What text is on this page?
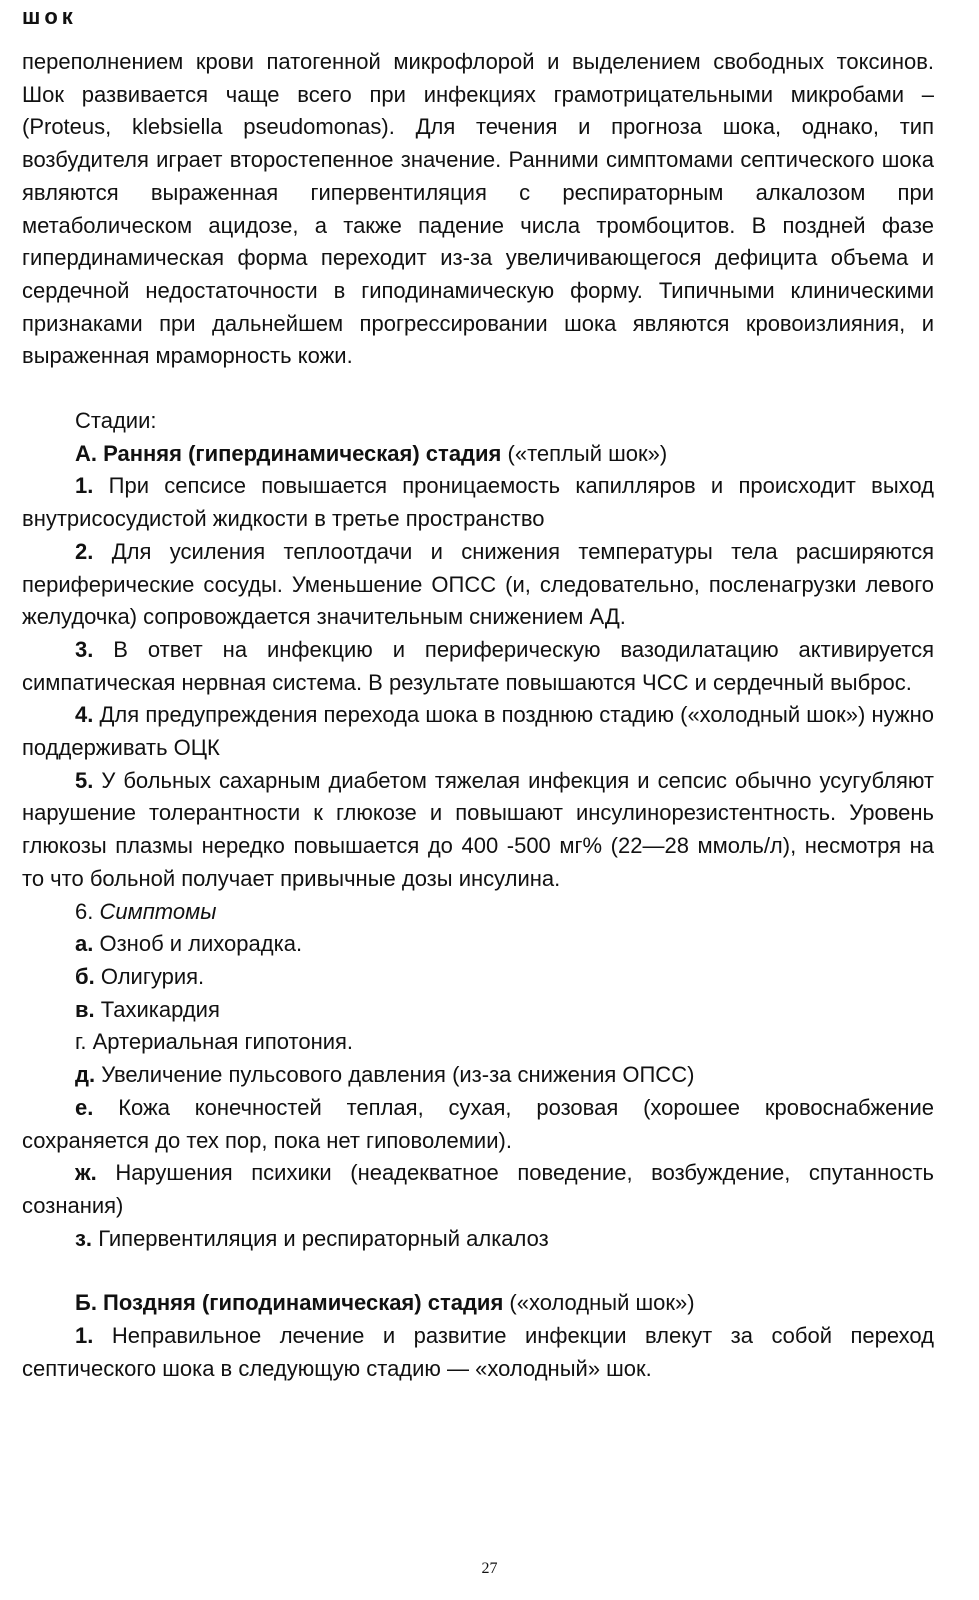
шок

переполнением крови патогенной микрофлорой и выделением свободных токсинов. Шок развивается чаще всего при инфекциях грамотрицательными микробами – (Proteus, klebsiella pseudomonas). Для течения и прогноза шока, однако, тип возбудителя играет второстепенное значение. Ранними симптомами септического шока являются выраженная гипервентиляция с респираторным алкалозом при метаболическом ацидозе, а также падение числа тромбоцитов. В поздней фазе гипердинамическая форма переходит из-за увеличивающегося дефицита объема и сердечной недостаточности в гиподинамическую форму. Типичными клиническими признаками при дальнейшем прогрессировании шока являются кровоизлияния, и выраженная мраморность кожи.

Стадии:

А. Ранняя (гипердинамическая) стадия («теплый шок»)

1. При сепсисе повышается проницаемость капилляров и происходит выход внутрисосудистой жидкости в третье пространство

2. Для усиления теплоотдачи и снижения температуры тела расширяются периферические сосуды. Уменьшение ОПСС (и, следовательно, посленагрузки левого желудочка) сопровождается значительным снижением АД.

3. В ответ на инфекцию и периферическую вазодилатацию активируется симпатическая нервная система. В результате повышаются ЧСС и сердечный выброс.

4. Для предупреждения перехода шока в позднюю стадию («холодный шок») нужно поддерживать ОЦК

5. У больных сахарным диабетом тяжелая инфекция и сепсис обычно усугубляют нарушение толерантности к глюкозе и повышают инсулинорезистентность. Уровень глюкозы плазмы нередко повышается до 400 -500 мг% (22—28 ммоль/л), несмотря на то что больной получает привычные дозы инсулина.

6. Симптомы

а. Озноб и лихорадка.

б. Олигурия.

в. Тахикардия

г. Артериальная гипотония.

д. Увеличение пульсового давления (из-за снижения ОПСС)

е. Кожа конечностей теплая, сухая, розовая (хорошее кровоснабжение сохраняется до тех пор, пока нет гиповолемии).

ж. Нарушения психики (неадекватное поведение, возбуждение, спутанность сознания)

з. Гипервентиляция и респираторный алкалоз

Б. Поздняя (гиподинамическая) стадия («холодный шок»)

1. Неправильное лечение и развитие инфекции влекут за собой переход септического шока в следующую стадию — «холодный» шок.

27
